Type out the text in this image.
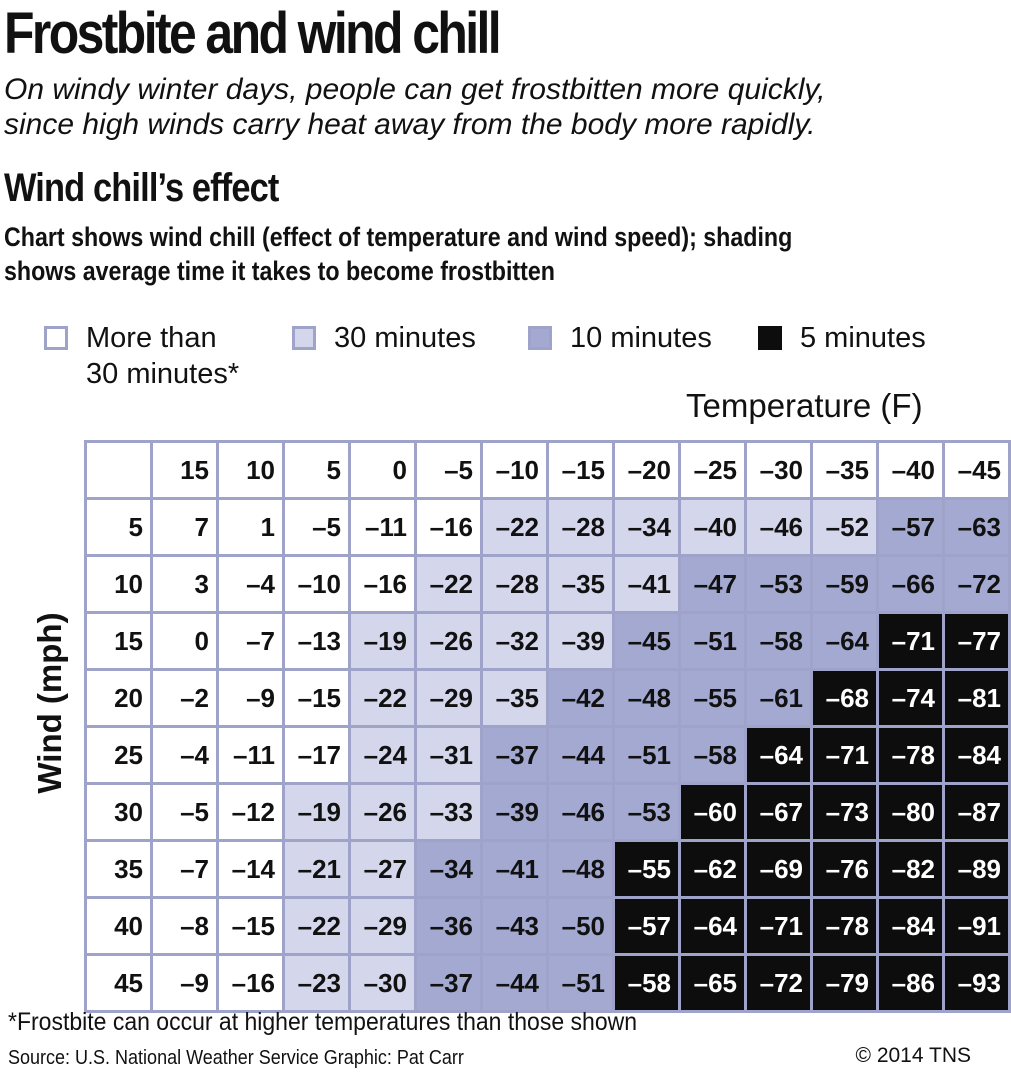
Frostbite and wind chill

On windy winter days, people can get frostbitten more quickly,
since high winds carry heat away from the body more rapidly.

Wind chill’s effect

Chart shows wind chill (effect of temperature and wind speed); shading
shows average time it takes to become frostbitten

More than
30 minutes*
30 minutes	10 minutes	5 minutes
Temperature (F)
Wind (mph)
15	10	5	0	–5 –10 –15 –20 –25 –30 –35 –40 –45
5	7	1	–5 –11 –16 –22 –28 –34 –40 –46 –52 –57 –63
10	3	–4 –10 –16 –22 –28 –35 –41 –47 –53 –59 –66 –72
15	0	–7 –13 –19 –26 –32 –39 –45 –51 –58 –64 –71 –77
20	–2	–9 –15 –22 –29 –35 –42 –48 –55 –61 –68 –74 –81
25	–4 –11 –17 –24 –31 –37 –44 –51 –58 –64 –71 –78 –84
30	–5 –12 –19 –26 –33 –39 –46 –53 –60 –67 –73 –80 –87
35	–7 –14 –21 –27 –34 –41 –48 –55 –62 –69 –76 –82 –89
40	–8 –15 –22 –29 –36 –43 –50 –57 –64 –71 –78 –84 –91
45	–9 –16 –23 –30 –37 –44 –51 –58 –65 –72 –79 –86 –93

*Frostbite can occur at higher temperatures than those shown

Source: U.S. National Weather Service Graphic: Pat Carr	© 2014 TNS
